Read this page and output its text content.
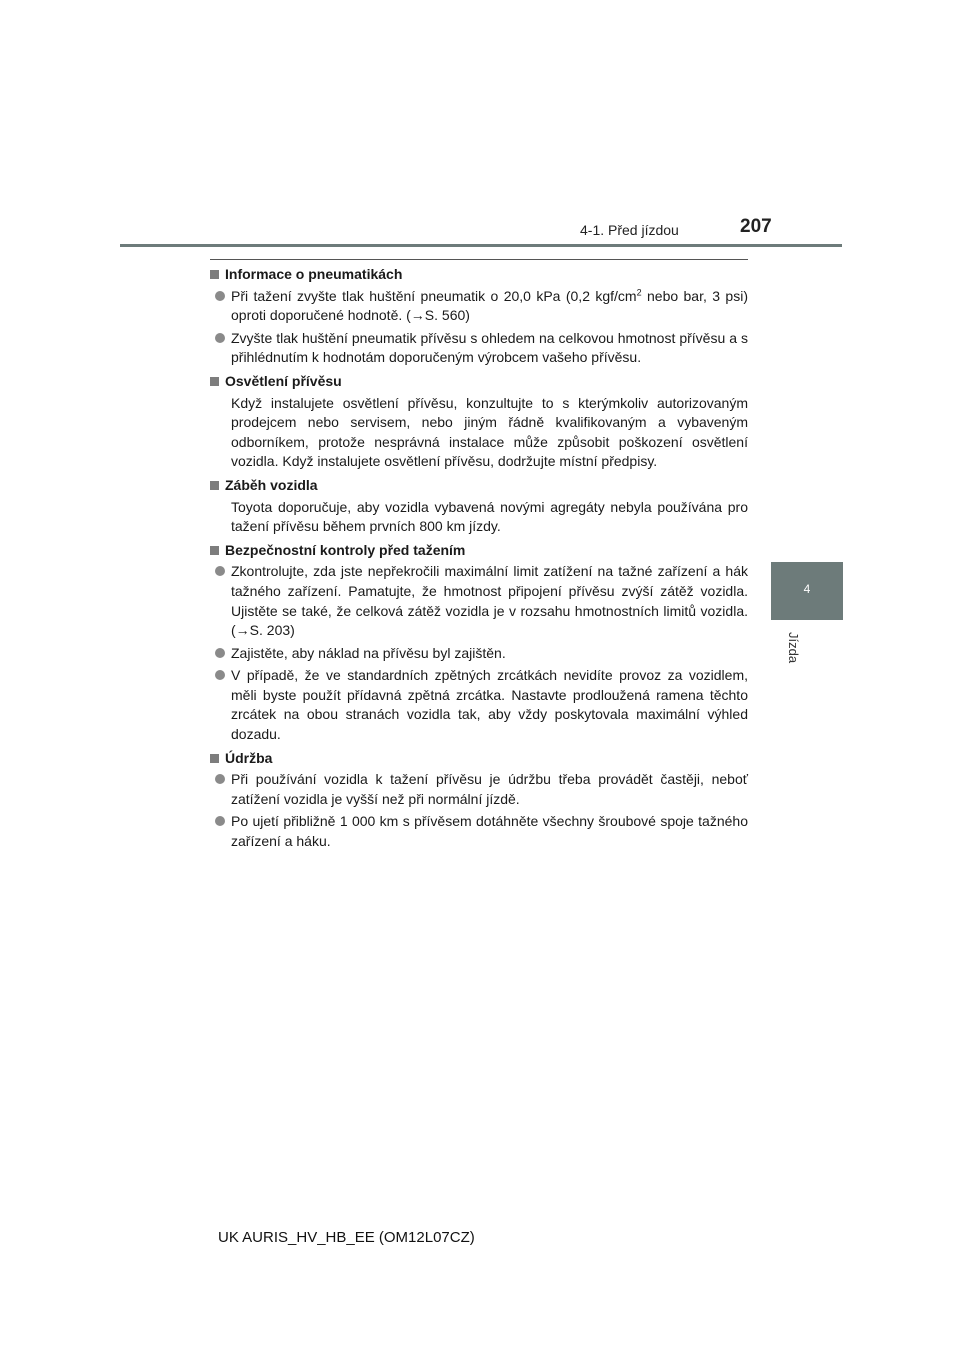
4-1. Před jízdou	207
4
Jízda
Informace o pneumatikách
Při tažení zvyšte tlak huštění pneumatik o 20,0 kPa (0,2 kgf/$cm^2$ nebo bar, 3 psi) oproti doporučené hodnotě. (→S. 560)
Zvyšte tlak huštění pneumatik přívěsu s ohledem na celkovou hmotnost přívěsu a s přihlédnutím k hodnotám doporučeným výrobcem vašeho přívěsu.
Osvětlení přívěsu
Když instalujete osvětlení přívěsu, konzultujte to s kterýmkoliv autorizovaným prodejcem nebo servisem, nebo jiným řádně kvalifikovaným a vybaveným odborníkem, protože nesprávná instalace může způsobit poškození osvětlení vozidla. Když instalujete osvětlení přívěsu, dodržujte místní předpisy.
Záběh vozidla
Toyota doporučuje, aby vozidla vybavená novými agregáty nebyla používána pro tažení přívěsu během prvních 800 km jízdy.
Bezpečnostní kontroly před tažením
Zkontrolujte, zda jste nepřekročili maximální limit zatížení na tažné zařízení a hák tažného zařízení. Pamatujte, že hmotnost připojení přívěsu zvýší zátěž vozidla. Ujistěte se také, že celková zátěž vozidla je v rozsahu hmotnostních limitů vozidla. (→S. 203)
Zajistěte, aby náklad na přívěsu byl zajištěn.
V případě, že ve standardních zpětných zrcátkách nevidíte provoz za vozidlem, měli byste použít přídavná zpětná zrcátka. Nastavte prodloužená ramena těchto zrcátek na obou stranách vozidla tak, aby vždy poskytovala maximální výhled dozadu.
Údržba
Při používání vozidla k tažení přívěsu je údržbu třeba provádět častěji, neboť zatížení vozidla je vyšší než při normální jízdě.
Po ujetí přibližně 1 000 km s přívěsem dotáhněte všechny šroubové spoje tažného zařízení a háku.
UK AURIS_HV_HB_EE (OM12L07CZ)
